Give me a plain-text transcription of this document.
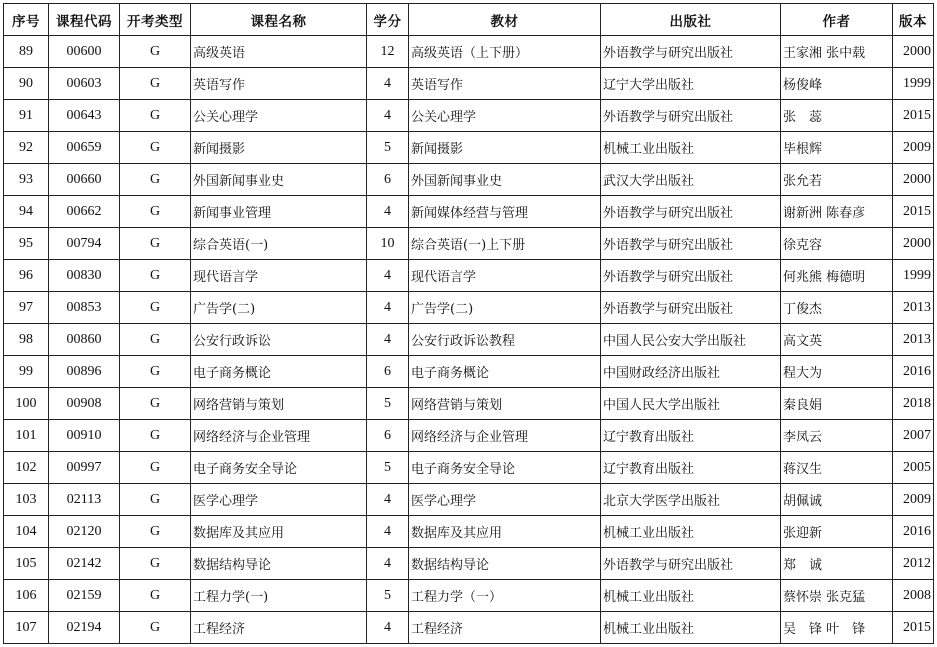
序号	课程代码	开考类型	课程名称	学分	教材	出版社	作者	版本
89	00600	G	高级英语	12	高级英语（上下册）	外语教学与研究出版社	王家湘 张中载	2000
90	00603	G	英语写作	4	英语写作	辽宁大学出版社	杨俊峰	1999
91	00643	G	公关心理学	4	公关心理学	外语教学与研究出版社	张　蕊	2015
92	00659	G	新闻摄影	5	新闻摄影	机械工业出版社	毕根辉	2009
93	00660	G	外国新闻事业史	6	外国新闻事业史	武汉大学出版社	张允若	2000
94	00662	G	新闻事业管理	4	新闻媒体经营与管理	外语教学与研究出版社	谢新洲 陈春彦	2015
95	00794	G	综合英语(一)	10	综合英语(一)上下册	外语教学与研究出版社	徐克容	2000
96	00830	G	现代语言学	4	现代语言学	外语教学与研究出版社	何兆熊 梅德明	1999
97	00853	G	广告学(二)	4	广告学(二)	外语教学与研究出版社	丁俊杰	2013
98	00860	G	公安行政诉讼	4	公安行政诉讼教程	中国人民公安大学出版社	高文英	2013
99	00896	G	电子商务概论	6	电子商务概论	中国财政经济出版社	程大为	2016
100	00908	G	网络营销与策划	5	网络营销与策划	中国人民大学出版社	秦良娟	2018
101	00910	G	网络经济与企业管理	6	网络经济与企业管理	辽宁教育出版社	李凤云	2007
102	00997	G	电子商务安全导论	5	电子商务安全导论	辽宁教育出版社	蒋汉生	2005
103	02113	G	医学心理学	4	医学心理学	北京大学医学出版社	胡佩诚	2009
104	02120	G	数据库及其应用	4	数据库及其应用	机械工业出版社	张迎新	2016
105	02142	G	数据结构导论	4	数据结构导论	外语教学与研究出版社	郑　诚	2012
106	02159	G	工程力学(一)	5	工程力学（一）	机械工业出版社	蔡怀崇 张克猛	2008
107	02194	G	工程经济	4	工程经济	机械工业出版社	吴　锋 叶　锋	2015
